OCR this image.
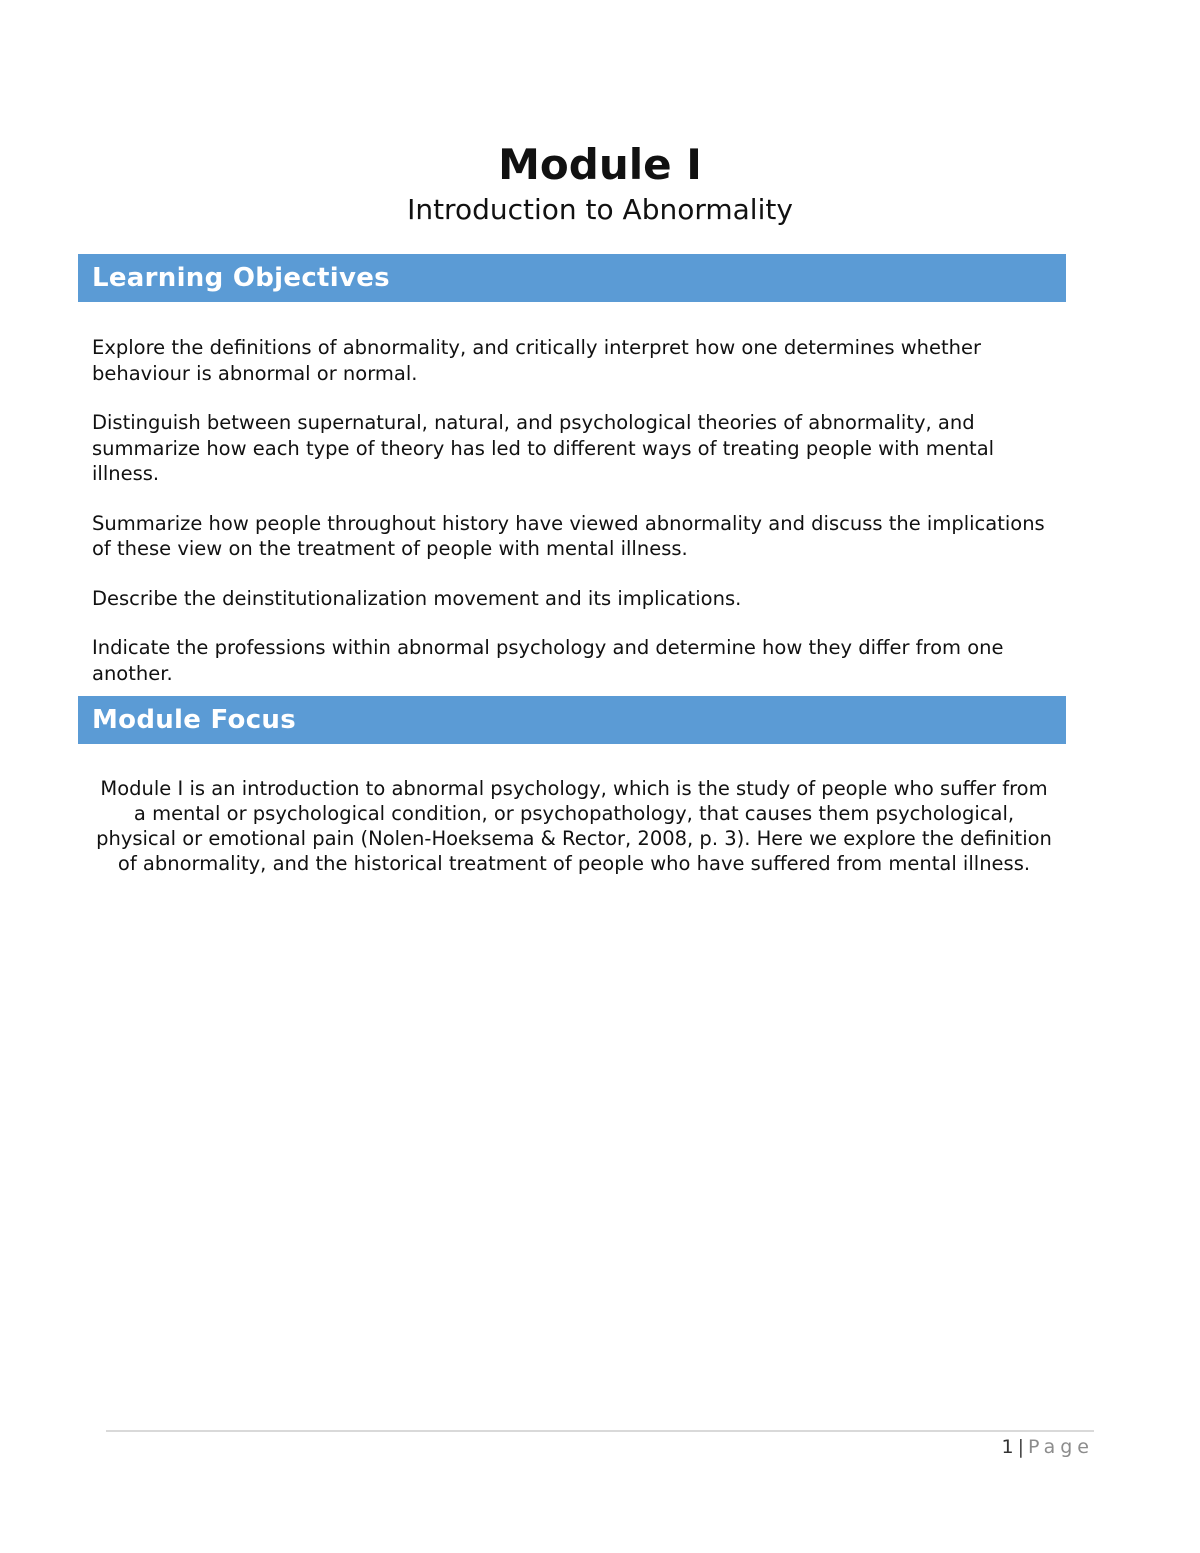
Module I
Introduction to Abnormality
Learning Objectives

Explore the definitions of abnormality, and critically interpret how one determines whether behaviour is abnormal or normal.

Distinguish between supernatural, natural, and psychological theories of abnormality, and summarize how each type of theory has led to different ways of treating people with mental illness.

Summarize how people throughout history have viewed abnormality and discuss the implications of these view on the treatment of people with mental illness.

Describe the deinstitutionalization movement and its implications.

Indicate the professions within abnormal psychology and determine how they differ from one another.

Module Focus

Module I is an introduction to abnormal psychology, which is the study of people who suffer from a mental or psychological condition, or psychopathology, that causes them psychological, physical or emotional pain (Nolen-Hoeksema & Rector, 2008, p. 3). Here we explore the definition of abnormality, and the historical treatment of people who have suffered from mental illness.

1 | Page
